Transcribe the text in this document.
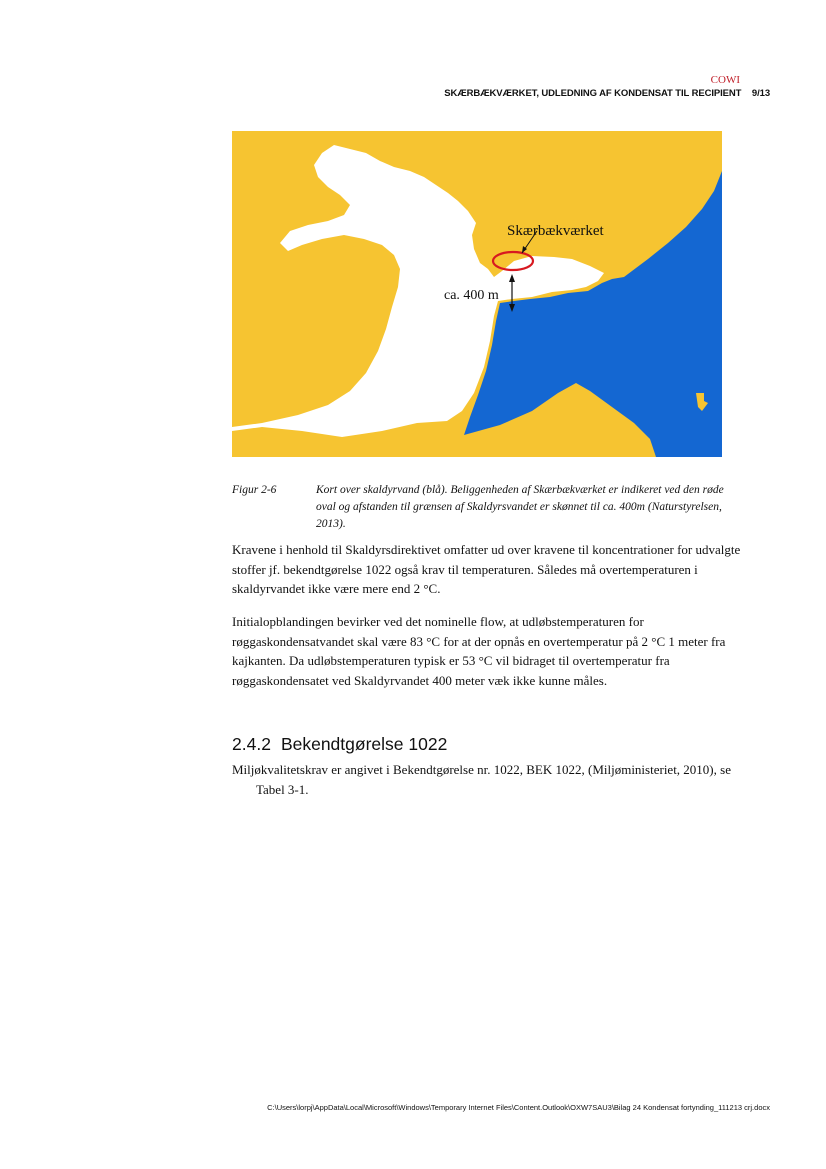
COWI
SKÆRBÆKVÆRKET, UDLEDNING AF KONDENSAT TIL RECIPIENT 9/13
Skærbækværket
ca. 400 m
Figur 2-6	Kort over skaldyrvand (blå). Beliggenheden af Skærbækværket er indikeret ved den røde oval og afstanden til grænsen af Skaldyrsvandet er skønnet til ca. 400m (Naturstyrelsen, 2013).

Kravene i henhold til Skaldyrsdirektivet omfatter ud over kravene til koncentrationer for udvalgte stoffer jf. bekendtgørelse 1022 også krav til temperaturen. Således må overtemperaturen i skaldyrvandet ikke være mere end 2 °C.

Initialopblandingen bevirker ved det nominelle flow, at udløbstemperaturen for røggaskondensatvandet skal være 83 °C for at der opnås en overtemperatur på 2 °C 1 meter fra kajkanten. Da udløbstemperaturen typisk er 53 °C vil bidraget til overtemperatur fra røggaskondensatet ved Skaldyrvandet 400 meter væk ikke kunne måles.

2.4.2 Bekendtgørelse 1022

Miljøkvalitetskrav er angivet i Bekendtgørelse nr. 1022, BEK 1022, (Miljøministeriet, 2010), se Tabel 3-1.

C:\Users\lorpj\AppData\Local\Microsoft\Windows\Temporary Internet Files\Content.Outlook\OXW7SAU3\Bilag 24 Kondensat fortynding_111213 crj.docx
